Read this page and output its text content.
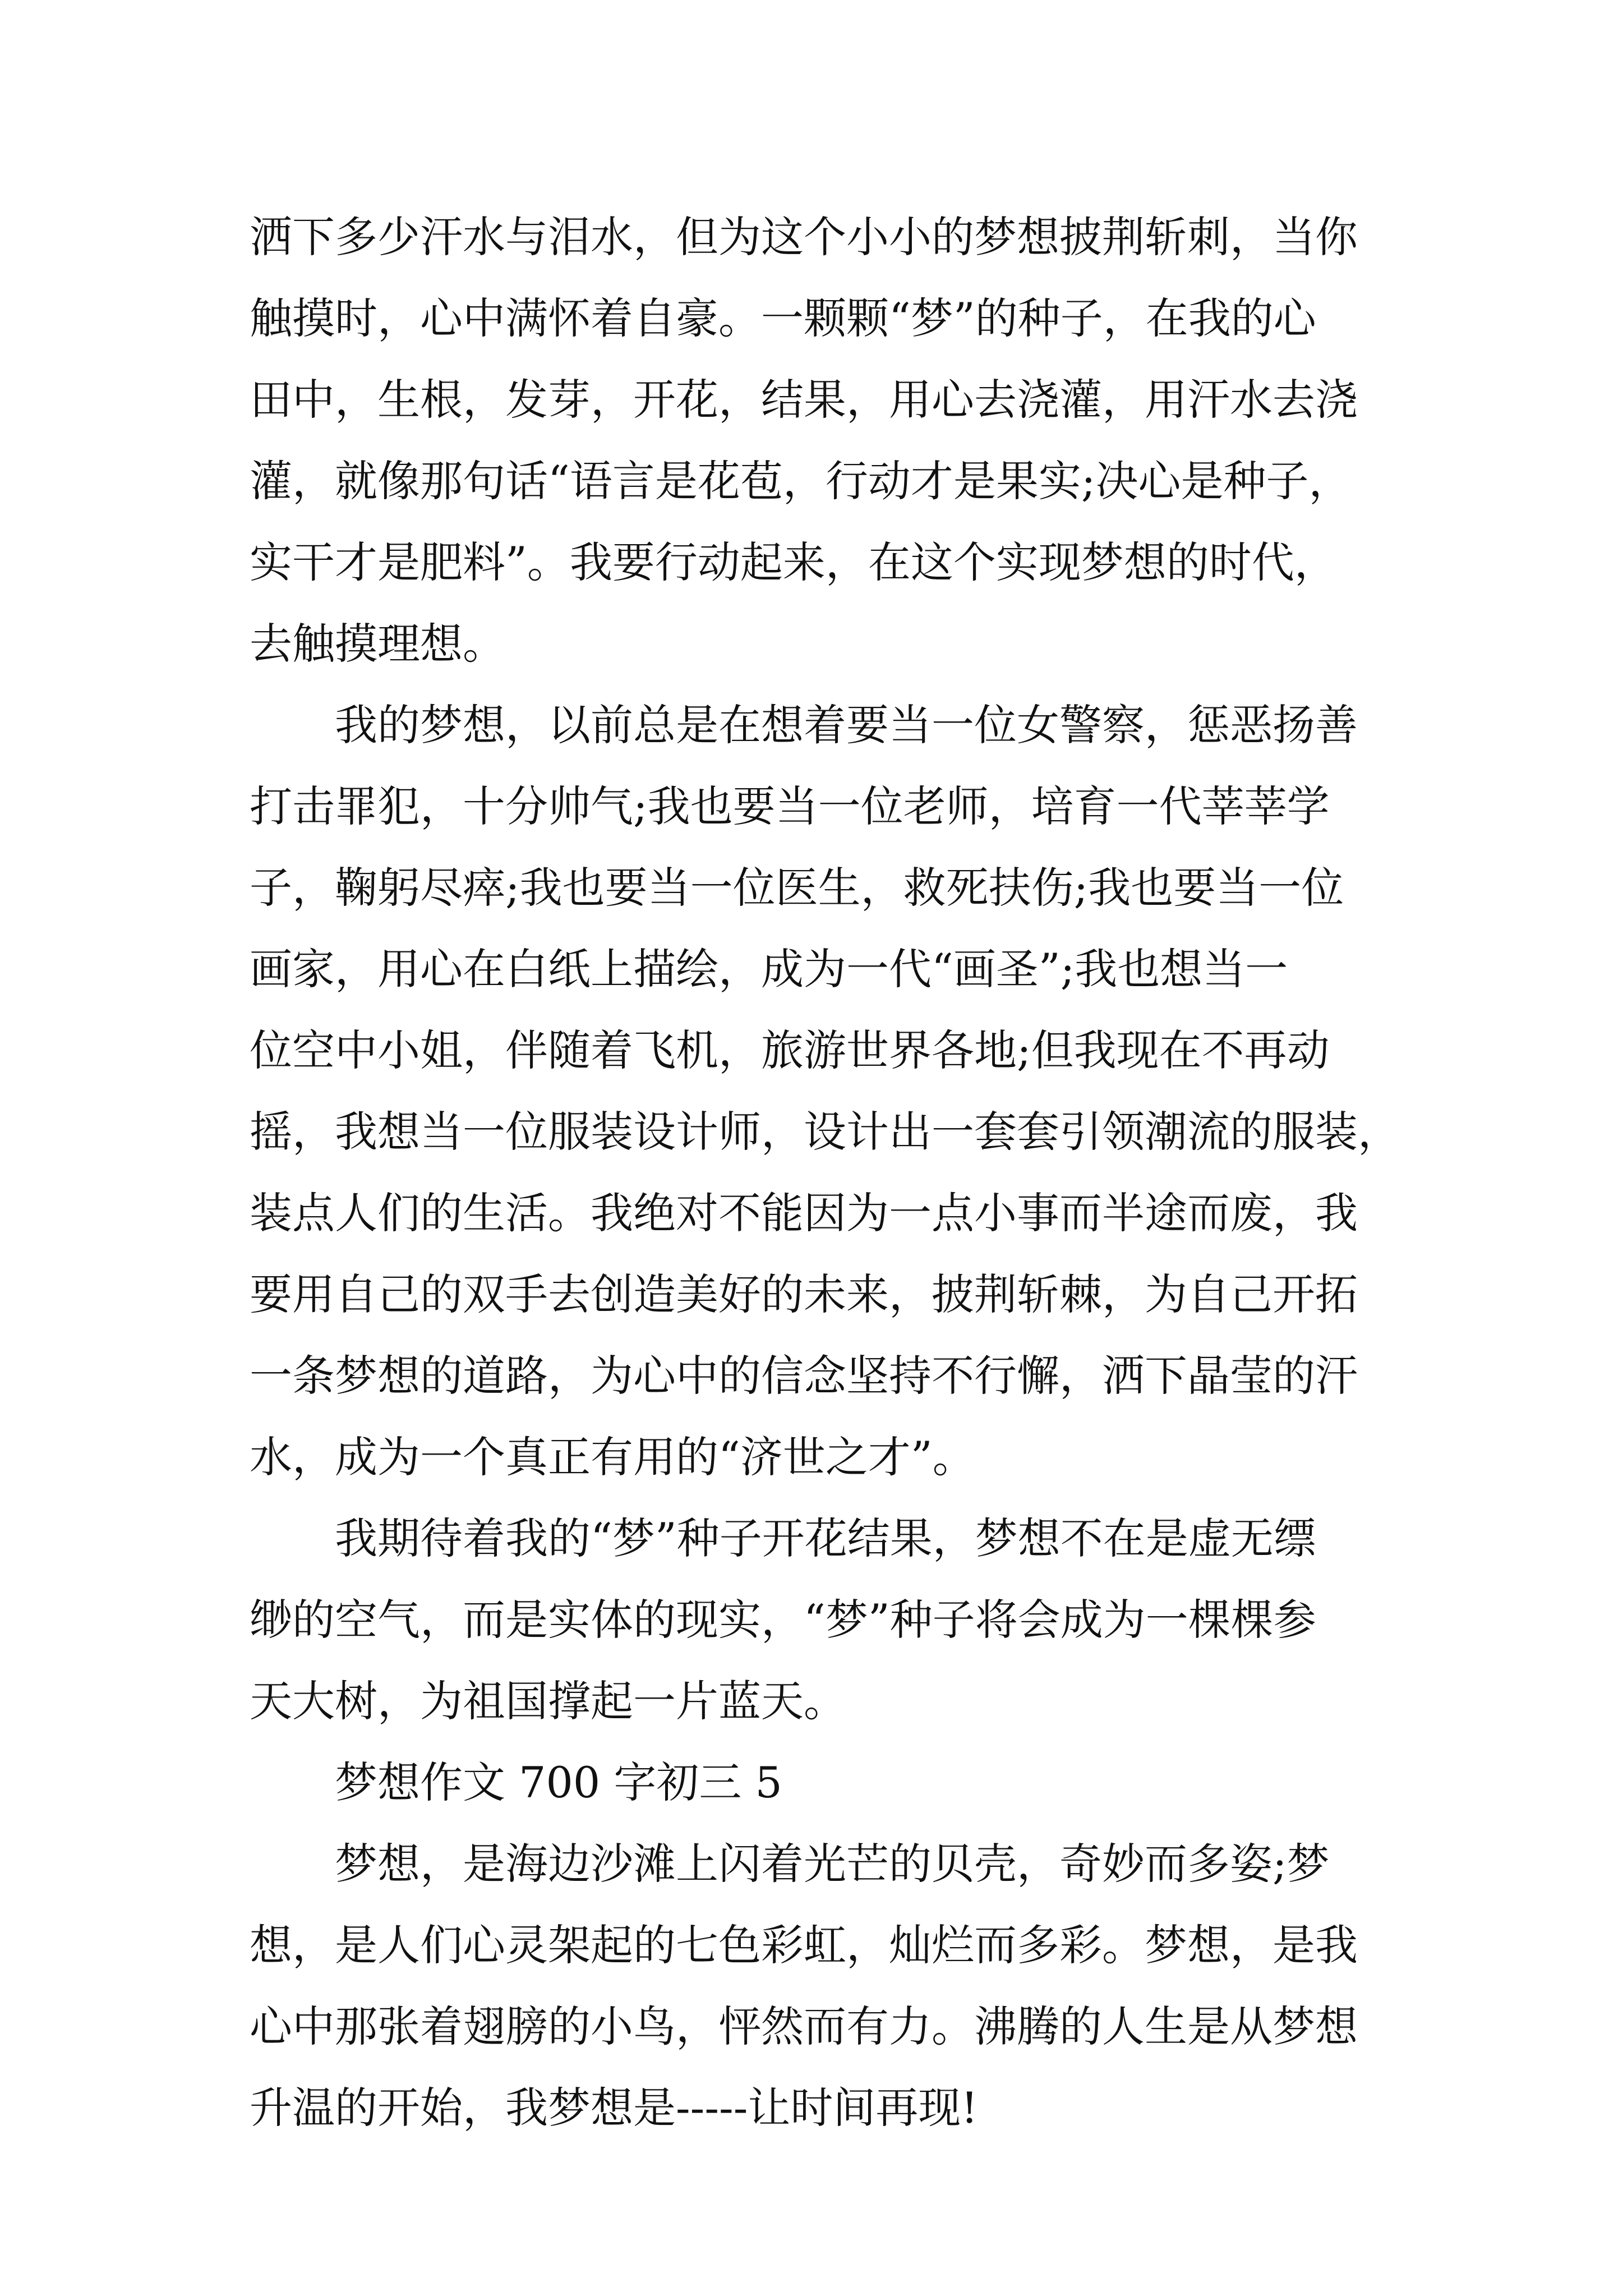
洒下多少汗水与泪水，但为这个小小的梦想披荆斩刺，当你
触摸时，心中满怀着自豪。一颗颗“梦”的种子，在我的心
田中，生根，发芽，开花，结果，用心去浇灌，用汗水去浇
灌，就像那句话“语言是花苞，行动才是果实;决心是种子，
实干才是肥料”。我要行动起来，在这个实现梦想的时代，
去触摸理想。
　　我的梦想，以前总是在想着要当一位女警察，惩恶扬善
打击罪犯，十分帅气;我也要当一位老师，培育一代莘莘学
子，鞠躬尽瘁;我也要当一位医生，救死扶伤;我也要当一位
画家，用心在白纸上描绘，成为一代“画圣”;我也想当一
位空中小姐，伴随着飞机，旅游世界各地;但我现在不再动
摇，我想当一位服装设计师，设计出一套套引领潮流的服装，
装点人们的生活。我绝对不能因为一点小事而半途而废，我
要用自己的双手去创造美好的未来，披荆斩棘，为自己开拓
一条梦想的道路，为心中的信念坚持不行懈，洒下晶莹的汗
水，成为一个真正有用的“济世之才”。
　　我期待着我的“梦”种子开花结果，梦想不在是虚无缥
缈的空气，而是实体的现实，“梦”种子将会成为一棵棵参
天大树，为祖国撑起一片蓝天。
　　梦想作文 700 字初三 5
　　梦想，是海边沙滩上闪着光芒的贝壳，奇妙而多姿;梦
想，是人们心灵架起的七色彩虹，灿烂而多彩。梦想，是我
心中那张着翅膀的小鸟，怦然而有力。沸腾的人生是从梦想
升温的开始，我梦想是-----让时间再现!
